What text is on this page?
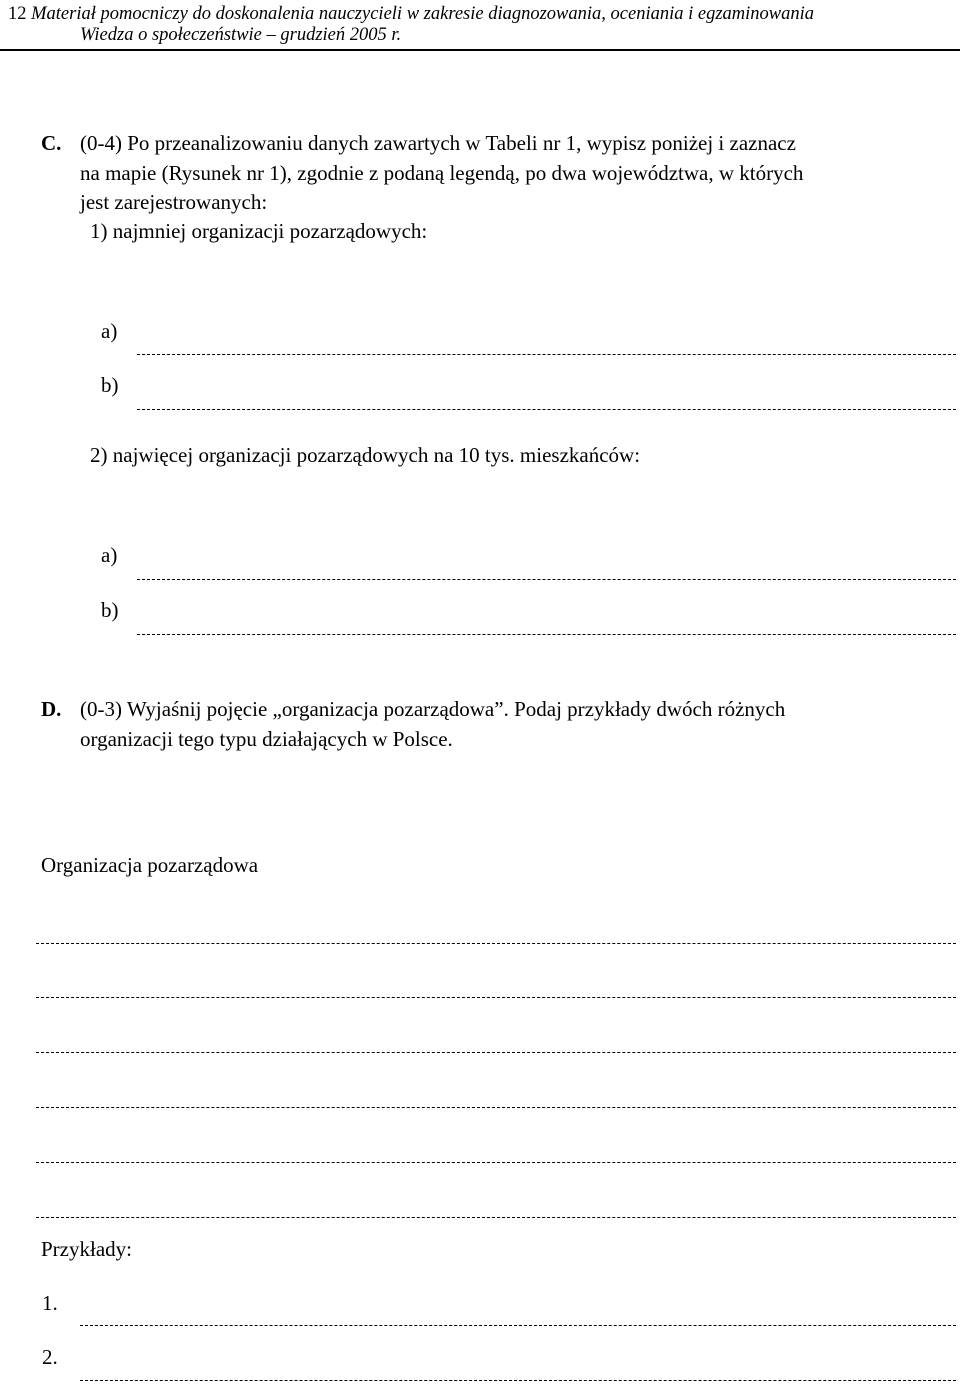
12 Materiał pomocniczy do doskonalenia nauczycieli w zakresie diagnozowania, oceniania i egzaminowania
Wiedza o społeczeństwie – grudzień 2005 r.
C. (0-4) Po przeanalizowaniu danych zawartych w Tabeli nr 1, wypisz poniżej i zaznacz
na mapie (Rysunek nr 1), zgodnie z podaną legendą, po dwa województwa, w których
jest zarejestrowanych:
1) najmniej organizacji pozarządowych:
a)
b)
2) najwięcej organizacji pozarządowych na 10 tys. mieszkańców:
a)
b)
D. (0-3) Wyjaśnij pojęcie „organizacja pozarządowa”. Podaj przykłady dwóch różnych
organizacji tego typu działających w Polsce.
Organizacja pozarządowa
Przykłady:
1.
2.
